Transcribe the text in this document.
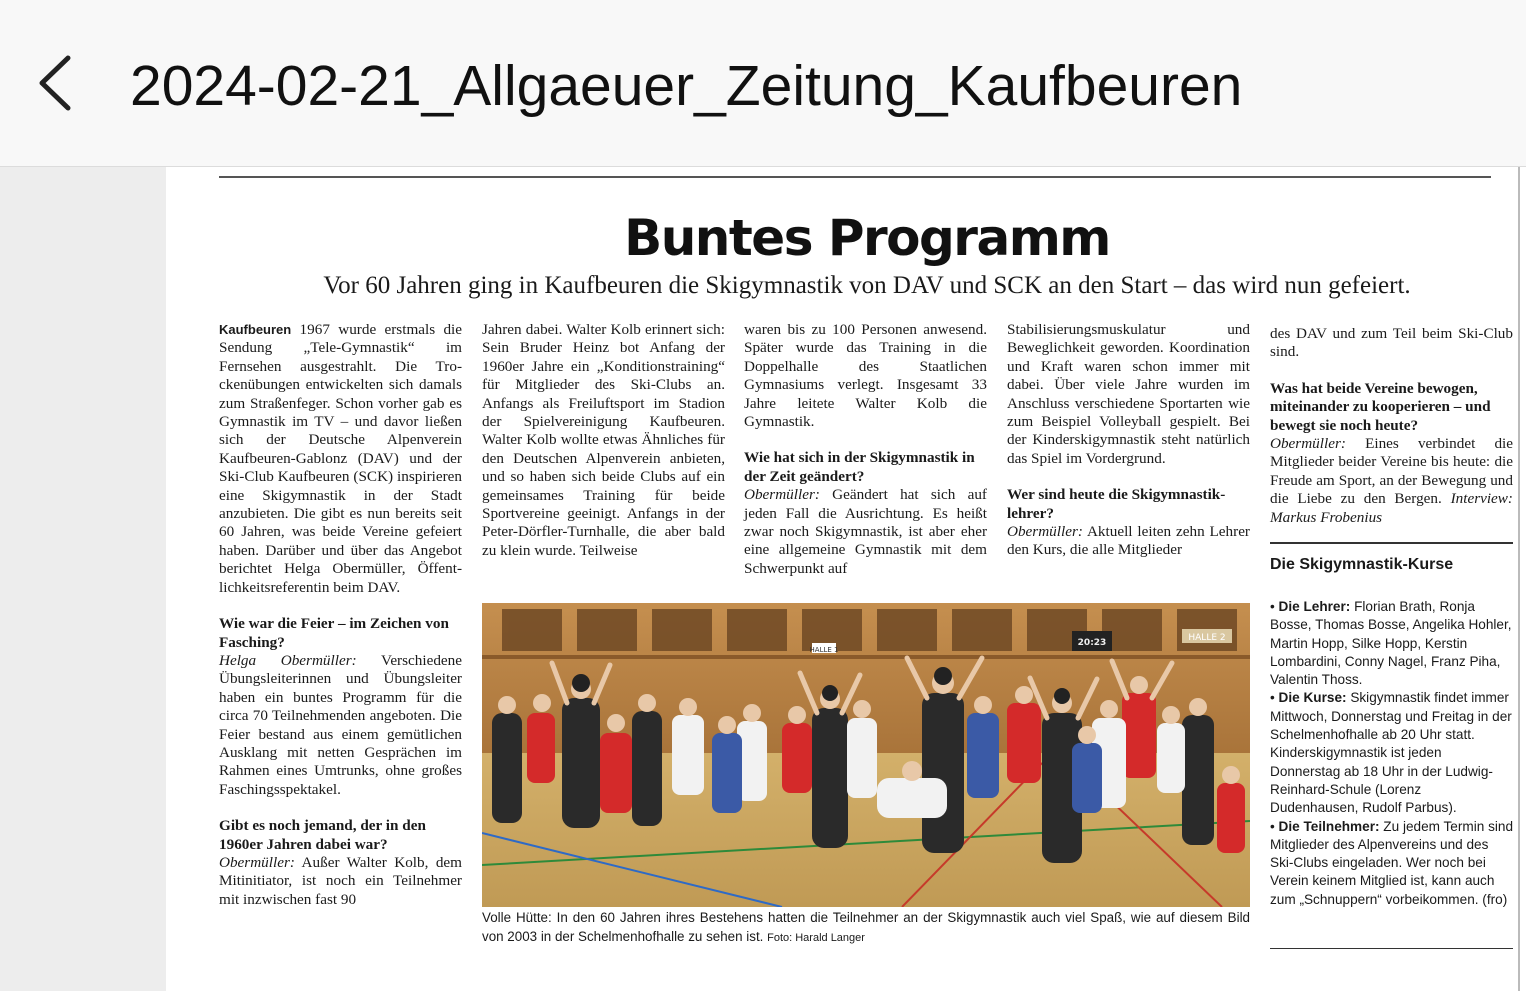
2024-02-21_Allgaeuer_Zeitung_Kaufbeuren
Buntes Programm
Vor 60 Jahren ging in Kaufbeuren die Skigymnastik von DAV und SCK an den Start – das wird nun gefeiert.

Kaufbeuren 1967 wurde erstmals die Sendung „Tele-Gymnastik“ im Fernsehen ausgestrahlt. Die Trockenübungen entwickelten sich damals zum Straßenfeger. Schon vorher gab es Gymnastik im TV – und davor ließen sich der Deutsche Alpenverein Kaufbeuren-Gablonz (DAV) und der Ski-Club Kaufbeuren (SCK) inspirieren eine Skigymnastik in der Stadt anzubieten. Die gibt es nun bereits seit 60 Jahren, was beide Vereine gefeiert haben. Darüber und über das Angebot berichtet Helga Obermüller, Öffentlichkeitsreferentin beim DAV.

Wie war die Feier – im Zeichen von Fasching?

Helga Obermüller: Verschiedene Übungsleiterinnen und Übungsleiter haben ein buntes Programm für die circa 70 Teilnehmenden angeboten. Die Feier bestand aus einem gemütlichen Ausklang mit netten Gesprächen im Rahmen eines Umtrunks, ohne großes Faschingsspektakel.

Gibt es noch jemand, der in den 1960er Jahren dabei war?

Obermüller: Außer Walter Kolb, dem Mitinitiator, ist noch ein Teilnehmer mit inzwischen fast 90

Jahren dabei. Walter Kolb erinnert sich: Sein Bruder Heinz bot Anfang der 1960er Jahre ein „Konditionstraining“ für Mitglieder des Ski-Clubs an. Anfangs als Freiluftsport im Stadion der Spielvereinigung Kaufbeuren. Walter Kolb wollte etwas Ähnliches für den Deutschen Alpenverein anbieten, und so haben sich beide Clubs auf ein gemeinsames Training für beide Sportvereine geeinigt. Anfangs in der Peter-Dörfler-Turnhalle, die aber bald zu klein wurde. Teilweise

waren bis zu 100 Personen anwesend. Später wurde das Training in die Doppelhalle des Staatlichen Gymnasiums verlegt. Insgesamt 33 Jahre leitete Walter Kolb die Gymnastik.

Wie hat sich in der Skigymnastik in der Zeit geändert?

Obermüller: Geändert hat sich auf jeden Fall die Ausrichtung. Es heißt zwar noch Skigymnastik, ist aber eher eine allgemeine Gymnastik mit dem Schwerpunkt auf

Stabilisierungsmuskulatur und Beweglichkeit geworden. Koordination und Kraft waren schon immer mit dabei. Über viele Jahre wurden im Anschluss verschiedene Sportarten wie zum Beispiel Volleyball gespielt. Bei der Kinderskigymnastik steht natürlich das Spiel im Vordergrund.

Wer sind heute die Skigymnastiklehrer?

Obermüller: Aktuell leiten zehn Lehrer den Kurs, die alle Mitglieder

des DAV und zum Teil beim Ski-Club sind.

Was hat beide Vereine bewogen, miteinander zu kooperieren – und bewegt sie noch heute?

Obermüller: Eines verbindet die Mitglieder beider Vereine bis heute: die Freude am Sport, an der Bewegung und die Liebe zu den Bergen. Interview: Markus Frobenius

HALLE 1
HALLE 2
20:23
Volle Hütte: In den 60 Jahren ihres Bestehens hatten die Teilnehmer an der Skigymnastik auch viel Spaß, wie auf diesem Bild von 2003 in der Schelmenhofhalle zu sehen ist. Foto: Harald Langer
Die Skigymnastik-Kurse

• Die Lehrer: Florian Brath, Ronja Bosse, Thomas Bosse, Angelika Hohler, Martin Hopp, Silke Hopp, Kerstin Lombardini, Conny Nagel, Franz Piha, Valentin Thoss.

• Die Kurse: Skigymnastik findet immer Mittwoch, Donnerstag und Freitag in der Schelmenhofhalle ab 20 Uhr statt. Kinderskigymnastik ist jeden Donnerstag ab 18 Uhr in der Ludwig-Reinhard-Schule (Lorenz Dudenhausen, Rudolf Parbus).

• Die Teilnehmer: Zu jedem Termin sind Mitglieder des Alpenvereins und des Ski-Clubs eingeladen. Wer noch bei Verein keinem Mitglied ist, kann auch zum „Schnuppern“ vorbeikommen. (fro)
